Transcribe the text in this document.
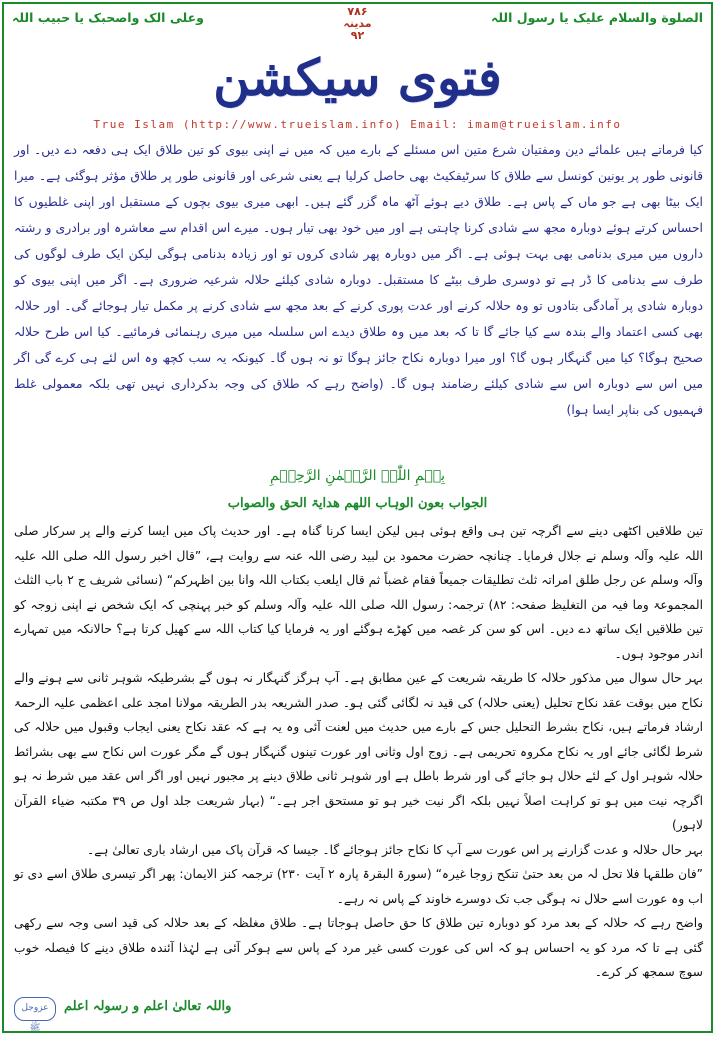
الصلوة والسلام علیک یا رسول اللہ
۷۸۶
مدینہ
۹۲
وعلی الک واصحبک یا حبیب اللہ
فتوی سیکشن
True Islam (http://www.trueislam.info) Email: imam@trueislam.info
کیا فرماتے ہیں علمائے دین ومفتیان شرع متین اس مسئلے کے بارے میں کہ میں نے اپنی بیوی کو تین طلاق ایک ہی دفعہ دے دیں۔ اور قانونی طور پر یونین کونسل سے طلاق کا سرٹیفکیٹ بھی حاصل کرلیا ہے یعنی شرعی اور قانونی طور پر طلاق مؤثر ہوگئی ہے۔ میرا ایک بیٹا بھی ہے جو ماں کے پاس ہے۔ طلاق دیے ہوئے آٹھ ماہ گزر گئے ہیں۔ ابھی میری بیوی بچوں کے مستقبل اور اپنی غلطیوں کا احساس کرتے ہوئے دوبارہ مجھ سے شادی کرنا چاہتی ہے اور میں خود بھی تیار ہوں۔ میرے اس اقدام سے معاشرہ اور برادری و رشتہ داروں میں میری بدنامی بھی بہت ہوئی ہے۔ اگر میں دوبارہ پھر شادی کروں تو اور زیادہ بدنامی ہوگی لیکن ایک طرف لوگوں کی طرف سے بدنامی کا ڈر ہے تو دوسری طرف بیٹے کا مستقبل۔ دوبارہ شادی کیلئے حلالہ شرعیہ ضروری ہے۔ اگر میں اپنی بیوی کو دوبارہ شادی پر آمادگی بتادوں تو وہ حلالہ کرنے اور عدت پوری کرنے کے بعد مجھ سے شادی کرنے پر مکمل تیار ہوجائے گی۔ اور حلالہ بھی کسی اعتماد والے بندہ سے کیا جائے گا تا کہ بعد میں وہ طلاق دیدے اس سلسلہ میں میری رہنمائی فرمائیے۔ کیا اس طرح حلالہ صحیح ہوگا؟ کیا میں گنہگار ہوں گا؟ اور میرا دوبارہ نکاح جائز ہوگا تو نہ ہوں گا۔ کیونکہ یہ سب کچھ وہ اس لئے ہی کرے گی اگر میں اس سے دوبارہ اس سے شادی کیلئے رضامند ہوں گا۔ (واضح رہے کہ طلاق کی وجہ بدکرداری نہیں تھی بلکہ معمولی غلط فہمیوں کی بناپر ایسا ہوا)
بِسۡمِ اللّٰہِ الرَّحۡمٰنِ الرَّحِیۡمِ
الجواب بعون الوہاب اللھم ھدایۃ الحق والصواب

تین طلاقیں اکٹھی دینے سے اگرچہ تین ہی واقع ہوئی ہیں لیکن ایسا کرنا گناہ ہے۔ اور حدیث پاک میں ایسا کرنے والے پر سرکار صلی اللہ علیہ وآلہ وسلم نے جلال فرمایا۔ چنانچہ حضرت محمود بن لبید رضی اللہ عنہ سے روایت ہے، ”قال اخبر رسول اللہ صلی اللہ علیہ وآلہ وسلم عن رجل طلق امراتہ ثلث تطلیقات جمیعاً فقام غضباً ثم قال ایلعب بکتاب اللہ وانا بین اظہرکم“ (نسائی شریف ج ۲ باب الثلث المجموعۃ وما فیہ من التغلیظ صفحہ: ۸۲) ترجمہ: رسول اللہ صلی اللہ علیہ وآلہ وسلم کو خبر پہنچی کہ ایک شخص نے اپنی زوجہ کو تین طلاقیں ایک ساتھ دے دیں۔ اس کو سن کر غصہ میں کھڑے ہوگئے اور یہ فرمایا کیا کتاب اللہ سے کھیل کرتا ہے؟ حالانکہ میں تمہارے اندر موجود ہوں۔

بہر حال سوال میں مذکور حلالہ کا طریقہ شریعت کے عین مطابق ہے۔ آپ ہرگز گنہگار نہ ہوں گے بشرطیکہ شوہر ثانی سے ہونے والے نکاح میں بوقت عقد نکاح تحلیل (یعنی حلالہ) کی قید نہ لگائی گئی ہو۔ صدر الشریعہ بدر الطریقہ مولانا امجد علی اعظمی علیہ الرحمۃ ارشاد فرماتے ہیں، نکاح بشرط التحلیل جس کے بارے میں حدیث میں لعنت آئی وہ یہ ہے کہ عقد نکاح یعنی ایجاب وقبول میں حلالہ کی شرط لگائی جائے اور یہ نکاح مکروہ تحریمی ہے۔ زوج اول وثانی اور عورت تینوں گنہگار ہوں گے مگر عورت اس نکاح سے بھی بشرائط حلالہ شوہر اول کے لئے حلال ہو جائے گی اور شرط باطل ہے اور شوہر ثانی طلاق دینے پر مجبور نہیں اور اگر اس عقد میں شرط نہ ہو اگرچہ نیت میں ہو تو کراہت اصلاً نہیں بلکہ اگر نیت خیر ہو تو مستحق اجر ہے۔“ (بہار شریعت جلد اول ص ۳۹ مکتبہ ضیاء القرآن لاہور)

بہر حال حلالہ و عدت گزارنے پر اس عورت سے آپ کا نکاح جائز ہوجائے گا۔ جیسا کہ قرآن پاک میں ارشاد باری تعالیٰ ہے۔

”فان طلقہا فلا تحل لہ من بعد حتیٰ تنکح زوجا غیرہ“ (سورۃ البقرۃ پارہ ۲ آیت ۲۳۰) ترجمہ کنز الایمان: پھر اگر تیسری طلاق اسے دی تو اب وہ عورت اسے حلال نہ ہوگی جب تک دوسرے خاوند کے پاس نہ رہے۔

واضح رہے کہ حلالہ کے بعد مرد کو دوبارہ تین طلاق کا حق حاصل ہوجاتا ہے۔ طلاق مغلظہ کے بعد حلالہ کی قید اسی وجہ سے رکھی گئی ہے تا کہ مرد کو یہ احساس ہو کہ اس کی عورت کسی غیر مرد کے پاس سے ہوکر آئی ہے لہٰذا آئندہ طلاق دینے کا فیصلہ خوب سوچ سمجھ کر کرے۔

عزوجل ﷺ
واللہ تعالیٰ اعلم و رسولہ اعلم
